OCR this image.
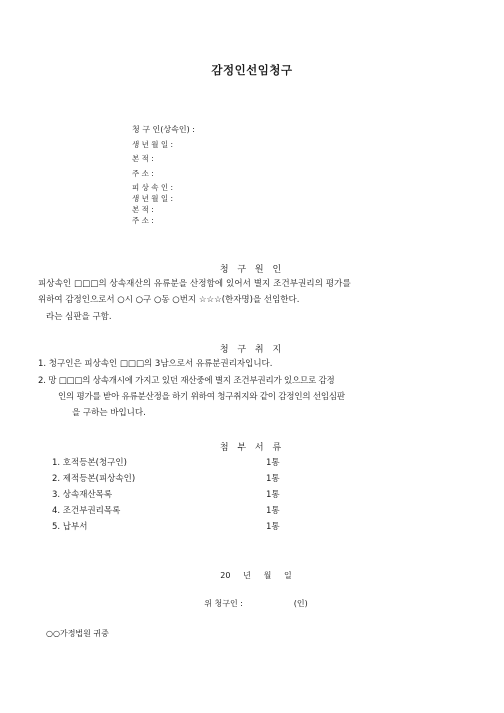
감정인선임청구
청 구 인(상속인) :
생 년 월 일 :
본 적 :
주 소 :
피 상 속 인 :
생 년 월 일 :
본 적 :
주 소 :
청 구 원 인
피상속인 □□□의 상속재산의 유류분을 산정함에 있어서 별지 조건부권리의 평가를
위하여 감정인으로서 ○시 ○구 ○동 ○번지 ☆☆☆(한자명)을 선임한다.
라는 심판을 구함.
청 구 취 지
1. 청구인은 피상속인 □□□의 3남으로서 유류분권리자입니다.
2. 망 □□□의 상속개시에 가지고 있던 재산중에 별지 조건부권리가 있으므로 감정
인의 평가를 받아 유류분산정을 하기 위하여 청구취지와 같이 감정인의 선임심판
을 구하는 바입니다.
첨 부 서 류
1. 호적등본(청구인)	1통
2. 제적등본(피상속인)	1통
3. 상속재산목록	1통
4. 조건부권리목록	1통
5. 납부서	1통
20     년     월     일
위 청구인 :                    (인)
○○가정법원 귀중
